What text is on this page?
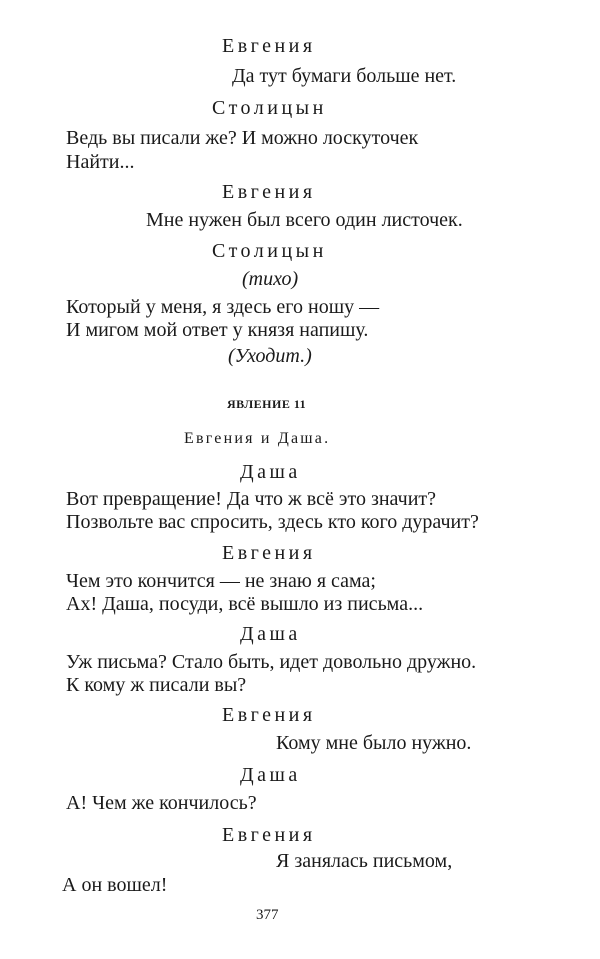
Евгения
Да тут бумаги больше нет.
Столицын
Ведь вы писали же? И можно лоскуточек
Найти...
Евгения
Мне нужен был всего один листочек.
Столицын
(тихо)
Который у меня, я здесь его ношу —
И мигом мой ответ у князя напишу.
(Уходит.)
ЯВЛЕНИЕ 11
Евгения и Даша.
Даша
Вот превращение! Да что ж всё это значит?
Позвольте вас спросить, здесь кто кого дурачит?
Евгения
Чем это кончится — не знаю я сама;
Ах! Даша, посуди, всё вышло из письма...
Даша
Уж письма? Стало быть, идет довольно дружно.
К кому ж писали вы?
Евгения
Кому мне было нужно.
Даша
А! Чем же кончилось?
Евгения
Я занялась письмом,
А он вошел!
377
